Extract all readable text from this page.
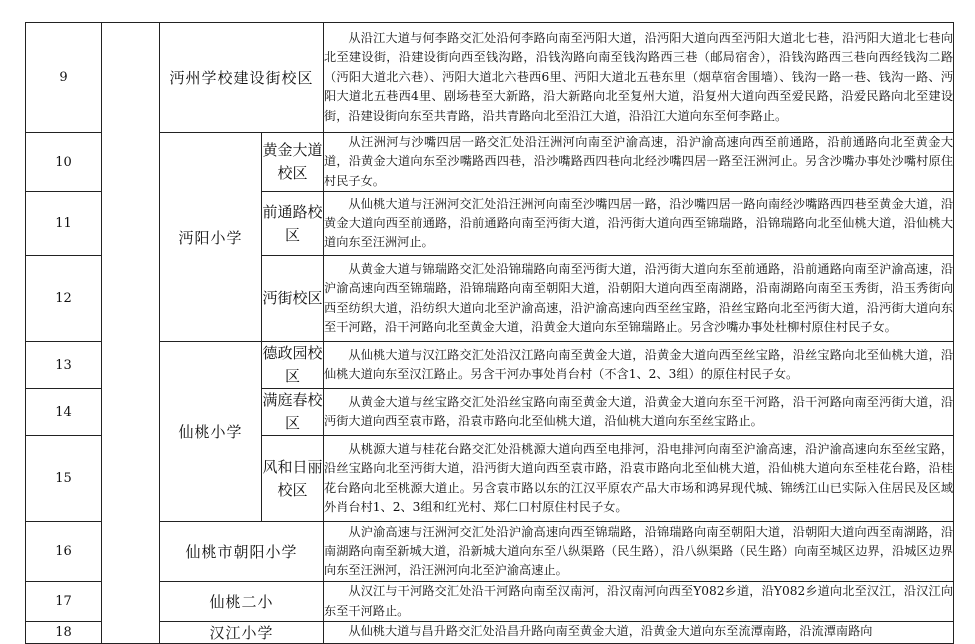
9		沔州学校建设街校区		从沿江大道与何李路交汇处沿何李路向南至沔阳大道，沿沔阳大道向西至沔阳大道北七巷，沿沔阳大道北七巷向北至建设街，沿建设街向西至钱沟路，沿钱沟路向南至钱沟路西三巷（邮局宿舍），沿钱沟路西三巷向西经钱沟二路（沔阳大道北六巷）、沔阳大道北六巷西6里、沔阳大道北五巷东里（烟草宿舍围墙）、钱沟一路一巷、钱沟一路、沔阳大道北五巷西4里、剧场巷至大新路，沿大新路向北至复州大道，沿复州大道向西至爱民路，沿爱民路向北至建设街，沿建设街向东至共青路，沿共青路向北至沿江大道，沿沿江大道向东至何李路止。
10		沔阳小学	黄金大道校区	从汪洲河与沙嘴四居一路交汇处沿汪洲河向南至沪渝高速，沿沪渝高速向西至前通路，沿前通路向北至黄金大道，沿黄金大道向东至沙嘴路西四巷，沿沙嘴路西四巷向北经沙嘴四居一路至汪洲河止。另含沙嘴办事处沙嘴村原住村民子女。
11			前通路校区	从仙桃大道与汪洲河交汇处沿汪洲河向南至沙嘴四居一路，沿沙嘴四居一路向南经沙嘴路西四巷至黄金大道，沿黄金大道向西至前通路，沿前通路向南至沔街大道，沿沔街大道向西至锦瑞路，沿锦瑞路向北至仙桃大道，沿仙桃大道向东至汪洲河止。
12			沔街校区	从黄金大道与锦瑞路交汇处沿锦瑞路向南至沔街大道，沿沔街大道向东至前通路，沿前通路向南至沪渝高速，沿沪渝高速向西至锦瑞路，沿锦瑞路向南至朝阳大道，沿朝阳大道向西至南湖路，沿南湖路向南至玉秀街，沿玉秀街向西至纺织大道，沿纺织大道向北至沪渝高速，沿沪渝高速向西至丝宝路，沿丝宝路向北至沔街大道，沿沔街大道向东至干河路，沿干河路向北至黄金大道，沿黄金大道向东至锦瑞路止。另含沙嘴办事处杜柳村原住村民子女。
13		仙桃小学	德政园校区	从仙桃大道与汉江路交汇处沿汉江路向南至黄金大道，沿黄金大道向西至丝宝路，沿丝宝路向北至仙桃大道，沿仙桃大道向东至汉江路止。另含干河办事处肖台村（不含1、2、3组）的原住村民子女。
14			满庭春校区	从黄金大道与丝宝路交汇处沿丝宝路向南至黄金大道，沿黄金大道向东至干河路，沿干河路向南至沔街大道，沿沔街大道向西至袁市路，沿袁市路向北至仙桃大道，沿仙桃大道向东至丝宝路止。
15			风和日丽校区	从桃源大道与桂花台路交汇处沿桃源大道向西至电排河，沿电排河向南至沪渝高速，沿沪渝高速向东至丝宝路，沿丝宝路向北至沔街大道，沿沔街大道向西至袁市路，沿袁市路向北至仙桃大道，沿仙桃大道向东至桂花台路，沿桂花台路向北至桃源大道止。另含袁市路以东的江汉平原农产品大市场和鸿昇现代城、锦绣江山已实际入住居民及区域外肖台村1、2、3组和红光村、郑仁口村原住村民子女。
16		仙桃市朝阳小学		从沪渝高速与汪洲河交汇处沿沪渝高速向西至锦瑞路，沿锦瑞路向南至朝阳大道，沿朝阳大道向西至南湖路，沿南湖路向南至新城大道，沿新城大道向东至八纵渠路（民生路），沿八纵渠路（民生路）向南至城区边界，沿城区边界向东至汪洲河，沿汪洲河向北至沪渝高速止。
17		仙桃二小		从汉江与干河路交汇处沿干河路向南至汉南河，沿汉南河向西至Y082乡道，沿Y082乡道向北至汉江，沿汉江向东至干河路止。
18		汉江小学		从仙桃大道与昌升路交汇处沿昌升路向南至黄金大道，沿黄金大道向东至流潭南路，沿流潭南路向
